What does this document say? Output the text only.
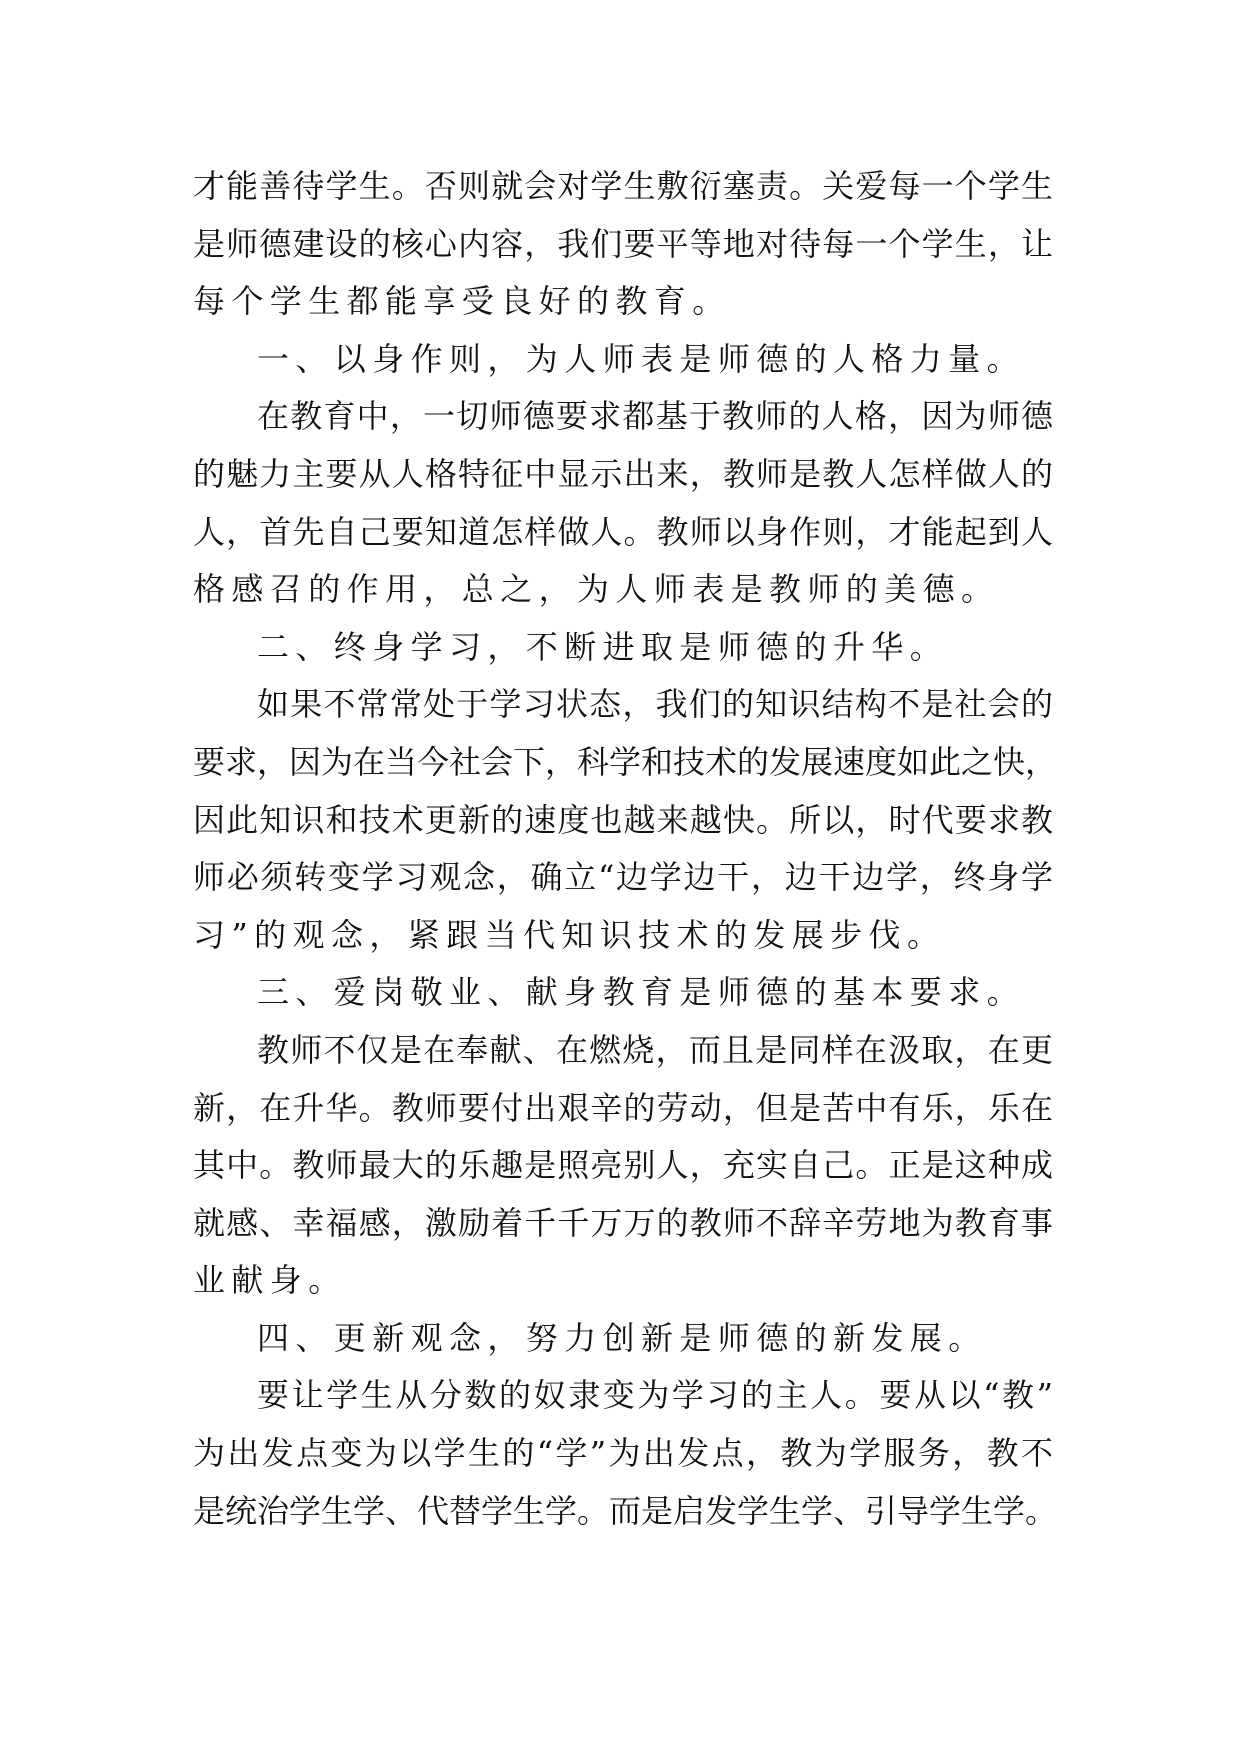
才能善待学生。否则就会对学生敷衍塞责。关爱每一个学生
是师德建设的核心内容，我们要平等地对待每一个学生，让
每个学生都能享受良好的教育。
一、以身作则，为人师表是师德的人格力量。
在教育中，一切师德要求都基于教师的人格，因为师德
的魅力主要从人格特征中显示出来，教师是教人怎样做人的
人，首先自己要知道怎样做人。教师以身作则，才能起到人
格感召的作用，总之，为人师表是教师的美德。
二、终身学习，不断进取是师德的升华。
如果不常常处于学习状态，我们的知识结构不是社会的
要求，因为在当今社会下，科学和技术的发展速度如此之快，
因此知识和技术更新的速度也越来越快。所以，时代要求教
师必须转变学习观念，确立“边学边干，边干边学，终身学
习”的观念，紧跟当代知识技术的发展步伐。
三、爱岗敬业、献身教育是师德的基本要求。
教师不仅是在奉献、在燃烧，而且是同样在汲取，在更
新，在升华。教师要付出艰辛的劳动，但是苦中有乐，乐在
其中。教师最大的乐趣是照亮别人，充实自己。正是这种成
就感、幸福感，激励着千千万万的教师不辞辛劳地为教育事
业献身。
四、更新观念，努力创新是师德的新发展。
要让学生从分数的奴隶变为学习的主人。要从以“教”
为出发点变为以学生的“学”为出发点，教为学服务，教不
是统治学生学、代替学生学。而是启发学生学、引导学生学。
